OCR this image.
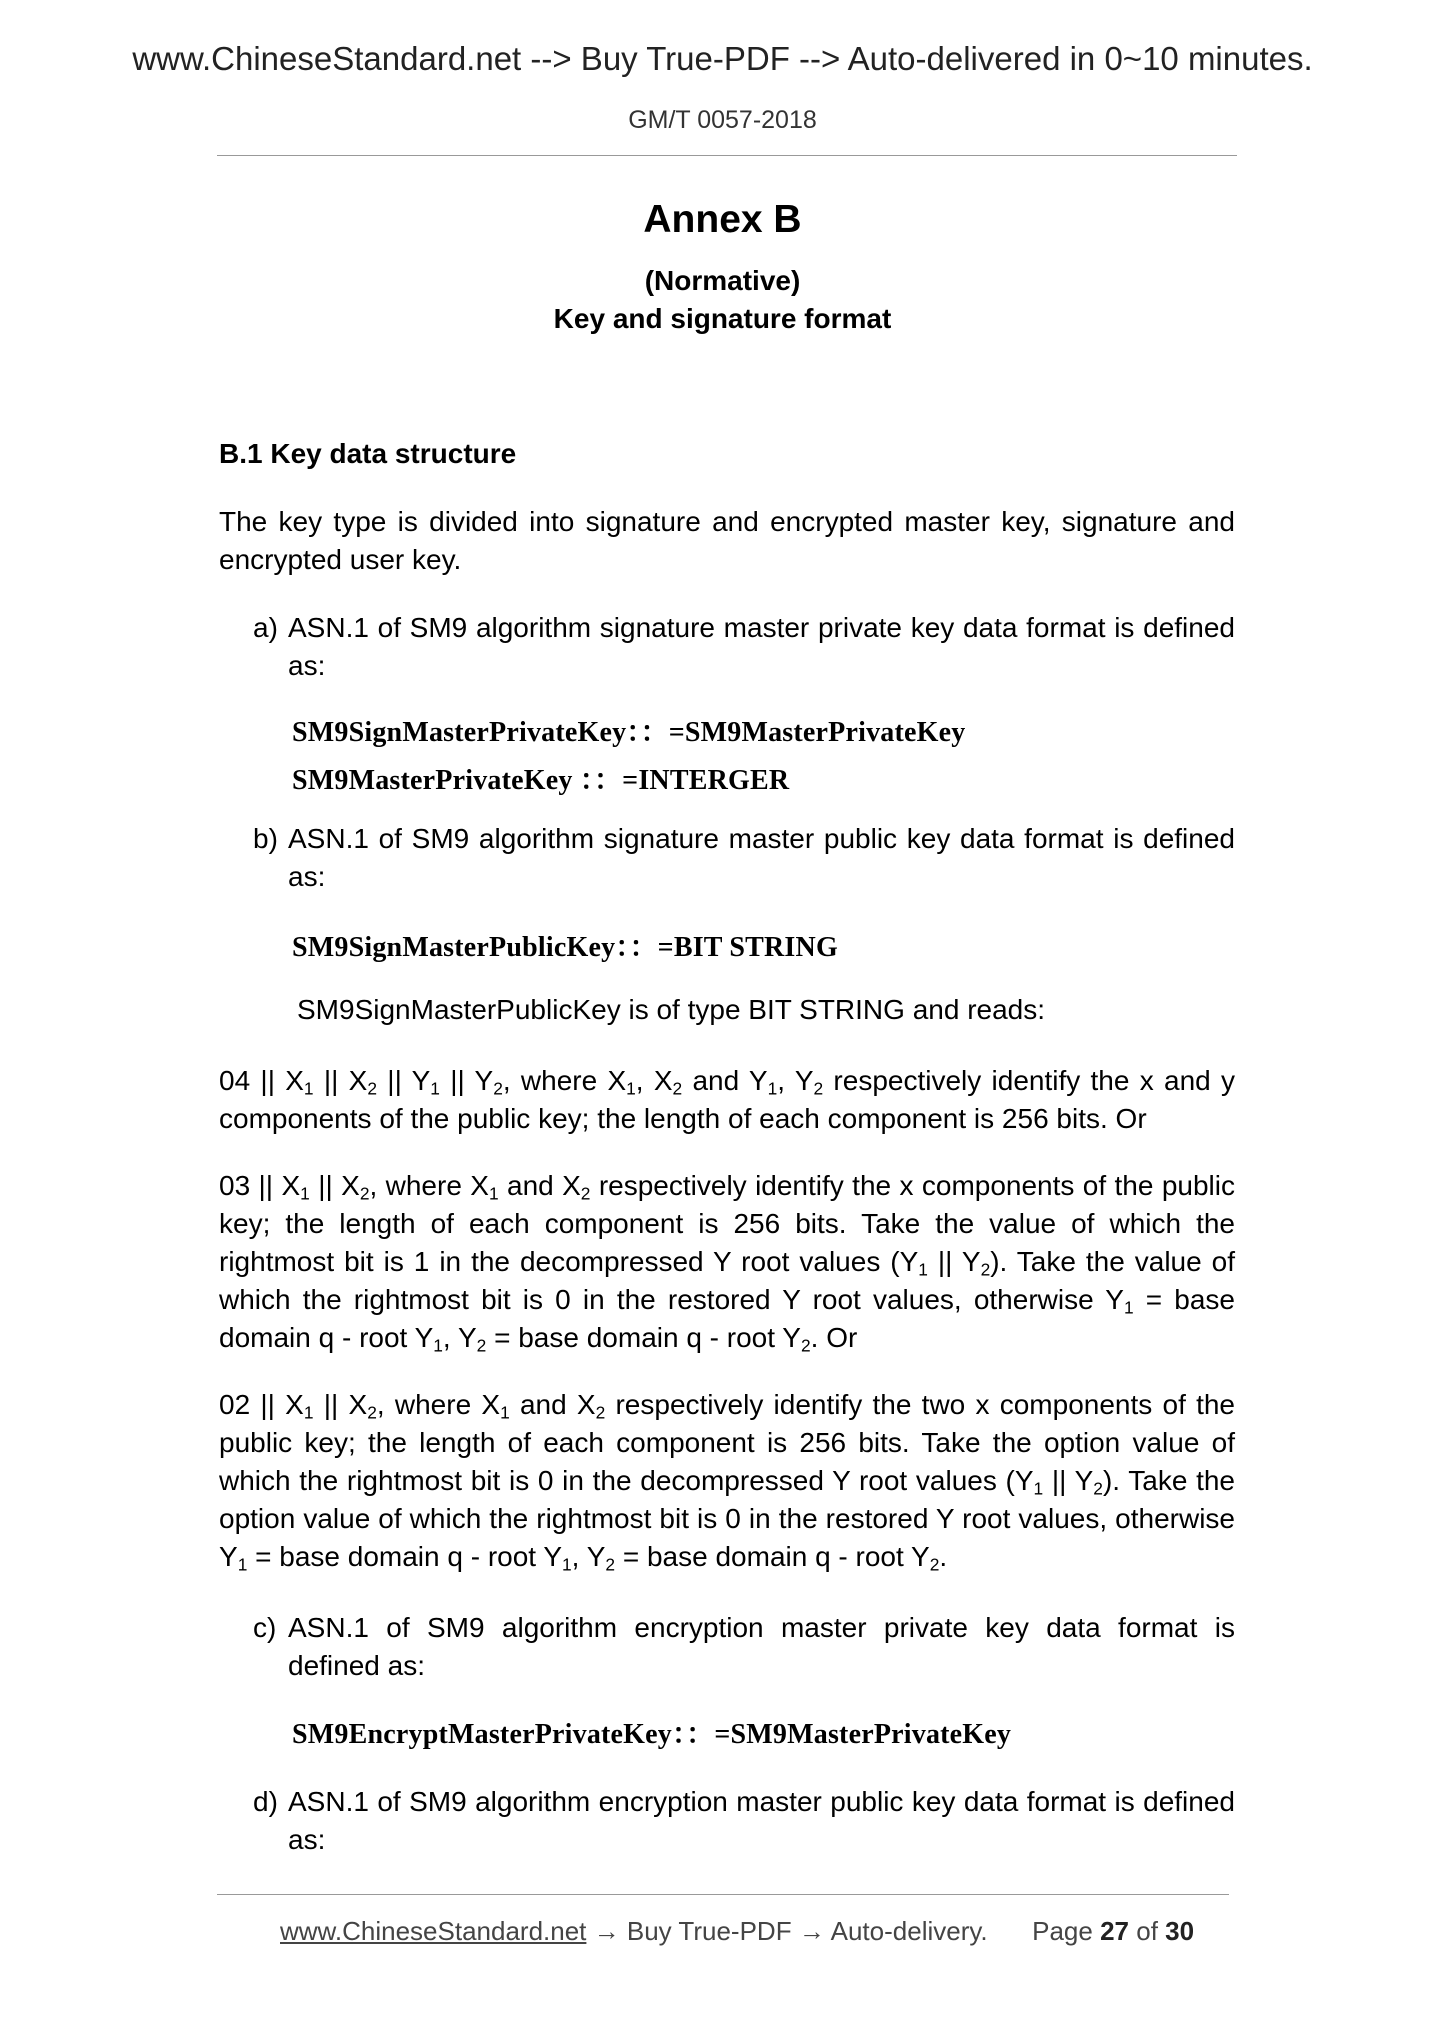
www.ChineseStandard.net --> Buy True-PDF --> Auto-delivered in 0~10 minutes.
GM/T 0057-2018
Annex B
(Normative)
Key and signature format
B.1 Key data structure

The key type is divided into signature and encrypted master key, signature and encrypted user key.

a) ASN.1 of SM9 algorithm signature master private key data format is defined as:

SM9SignMasterPrivateKey：：=SM9MasterPrivateKey
SM9MasterPrivateKey ：：=INTERGER

b) ASN.1 of SM9 algorithm signature master public key data format is defined as:

SM9SignMasterPublicKey：：=BIT STRING
SM9SignMasterPublicKey is of type BIT STRING and reads:

04 || $X_1$ || $X_2$ || $Y_1$ || $Y_2$, where $X_1$, $X_2$ and $Y_1$, $Y_2$ respectively identify the x and y components of the public key; the length of each component is 256 bits. Or

03 || $X_1$ || $X_2$, where $X_1$ and $X_2$ respectively identify the x components of the public key; the length of each component is 256 bits. Take the value of which the rightmost bit is 1 in the decompressed Y root values ($Y_1$ || $Y_2$). Take the value of which the rightmost bit is 0 in the restored Y root values, otherwise $Y_1$ = base domain q - root $Y_1$, $Y_2$ = base domain q - root $Y_2$. Or

02 || $X_1$ || $X_2$, where $X_1$ and $X_2$ respectively identify the two x components of the public key; the length of each component is 256 bits. Take the option value of which the rightmost bit is 0 in the decompressed Y root values ($Y_1$ || $Y_2$). Take the option value of which the rightmost bit is 0 in the restored Y root values, otherwise $Y_1$ = base domain q - root $Y_1$, $Y_2$ = base domain q - root $Y_2$.

c) ASN.1 of SM9 algorithm encryption master private key data format is defined as:

SM9EncryptMasterPrivateKey：：=SM9MasterPrivateKey

d) ASN.1 of SM9 algorithm encryption master public key data format is defined as:

www.ChineseStandard.net → Buy True-PDF → Auto-delivery. Page 27 of 30
